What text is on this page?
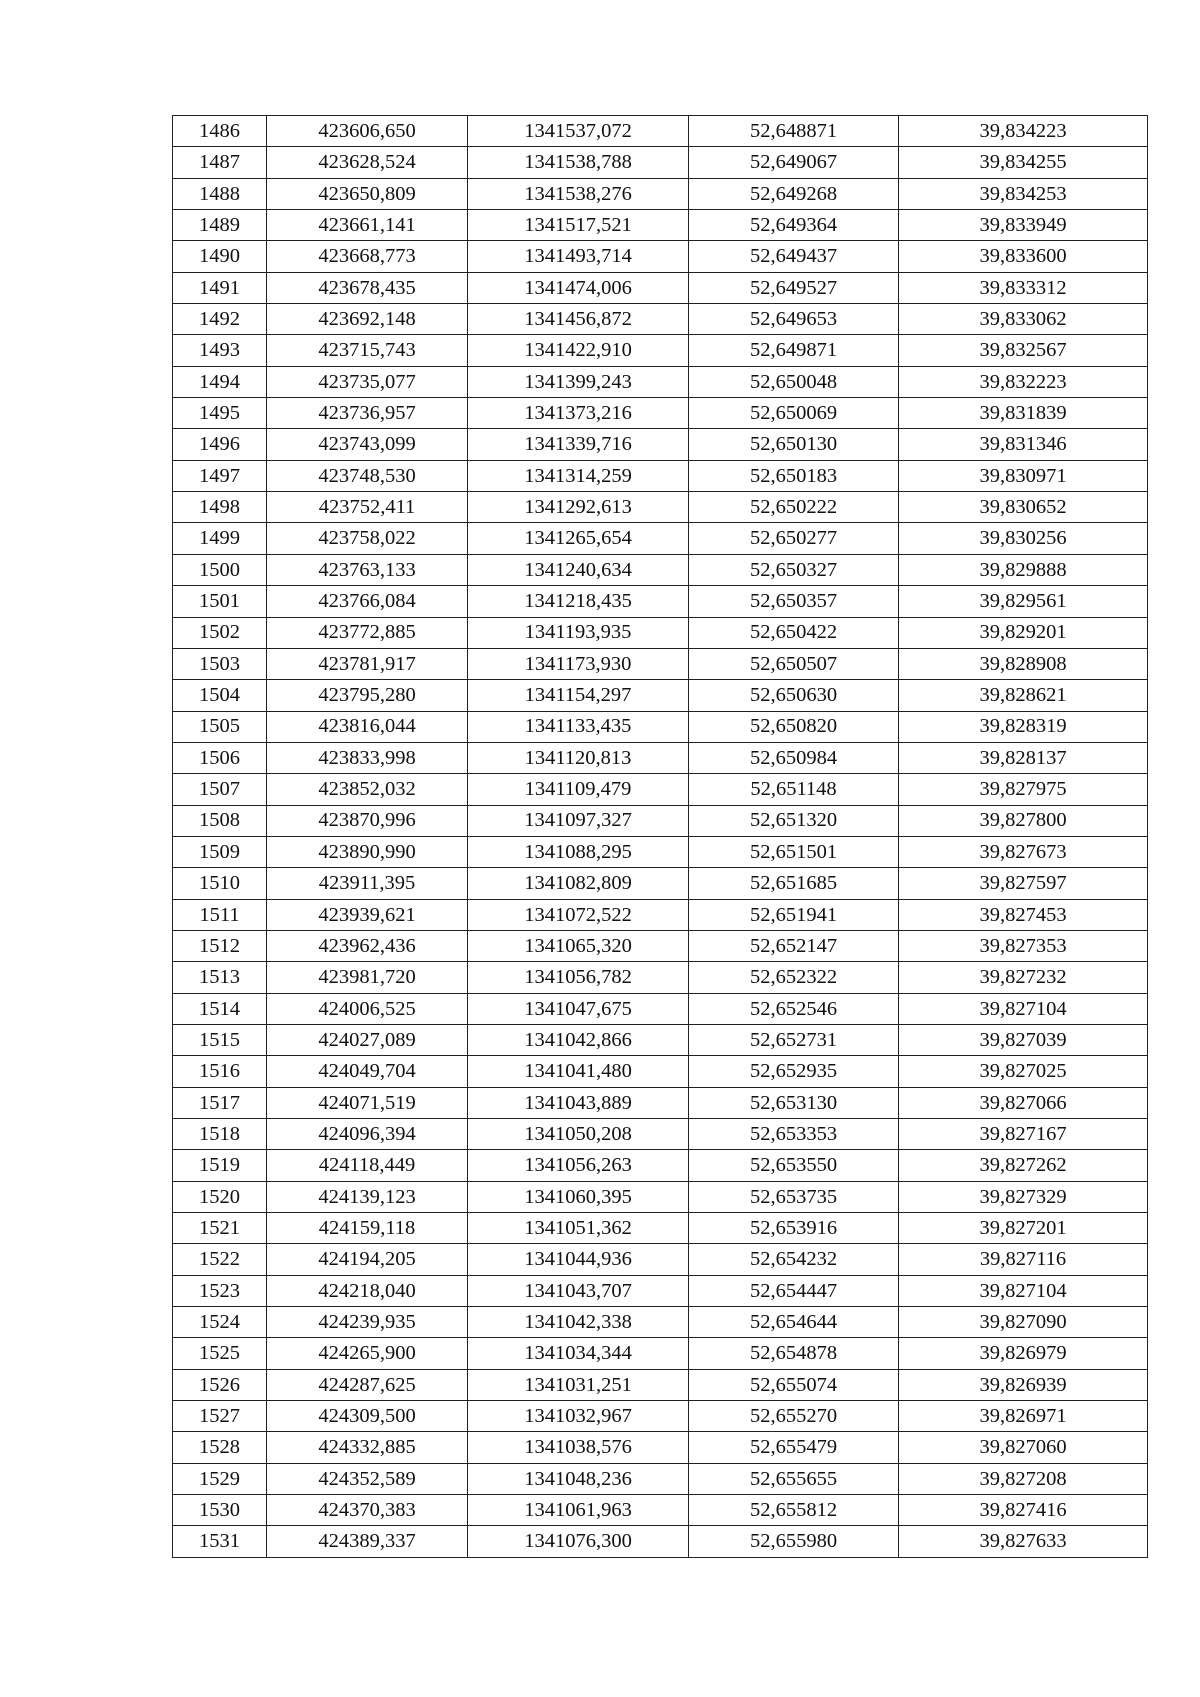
1486	423606,650	1341537,072	52,648871	39,834223
1487	423628,524	1341538,788	52,649067	39,834255
1488	423650,809	1341538,276	52,649268	39,834253
1489	423661,141	1341517,521	52,649364	39,833949
1490	423668,773	1341493,714	52,649437	39,833600
1491	423678,435	1341474,006	52,649527	39,833312
1492	423692,148	1341456,872	52,649653	39,833062
1493	423715,743	1341422,910	52,649871	39,832567
1494	423735,077	1341399,243	52,650048	39,832223
1495	423736,957	1341373,216	52,650069	39,831839
1496	423743,099	1341339,716	52,650130	39,831346
1497	423748,530	1341314,259	52,650183	39,830971
1498	423752,411	1341292,613	52,650222	39,830652
1499	423758,022	1341265,654	52,650277	39,830256
1500	423763,133	1341240,634	52,650327	39,829888
1501	423766,084	1341218,435	52,650357	39,829561
1502	423772,885	1341193,935	52,650422	39,829201
1503	423781,917	1341173,930	52,650507	39,828908
1504	423795,280	1341154,297	52,650630	39,828621
1505	423816,044	1341133,435	52,650820	39,828319
1506	423833,998	1341120,813	52,650984	39,828137
1507	423852,032	1341109,479	52,651148	39,827975
1508	423870,996	1341097,327	52,651320	39,827800
1509	423890,990	1341088,295	52,651501	39,827673
1510	423911,395	1341082,809	52,651685	39,827597
1511	423939,621	1341072,522	52,651941	39,827453
1512	423962,436	1341065,320	52,652147	39,827353
1513	423981,720	1341056,782	52,652322	39,827232
1514	424006,525	1341047,675	52,652546	39,827104
1515	424027,089	1341042,866	52,652731	39,827039
1516	424049,704	1341041,480	52,652935	39,827025
1517	424071,519	1341043,889	52,653130	39,827066
1518	424096,394	1341050,208	52,653353	39,827167
1519	424118,449	1341056,263	52,653550	39,827262
1520	424139,123	1341060,395	52,653735	39,827329
1521	424159,118	1341051,362	52,653916	39,827201
1522	424194,205	1341044,936	52,654232	39,827116
1523	424218,040	1341043,707	52,654447	39,827104
1524	424239,935	1341042,338	52,654644	39,827090
1525	424265,900	1341034,344	52,654878	39,826979
1526	424287,625	1341031,251	52,655074	39,826939
1527	424309,500	1341032,967	52,655270	39,826971
1528	424332,885	1341038,576	52,655479	39,827060
1529	424352,589	1341048,236	52,655655	39,827208
1530	424370,383	1341061,963	52,655812	39,827416
1531	424389,337	1341076,300	52,655980	39,827633
